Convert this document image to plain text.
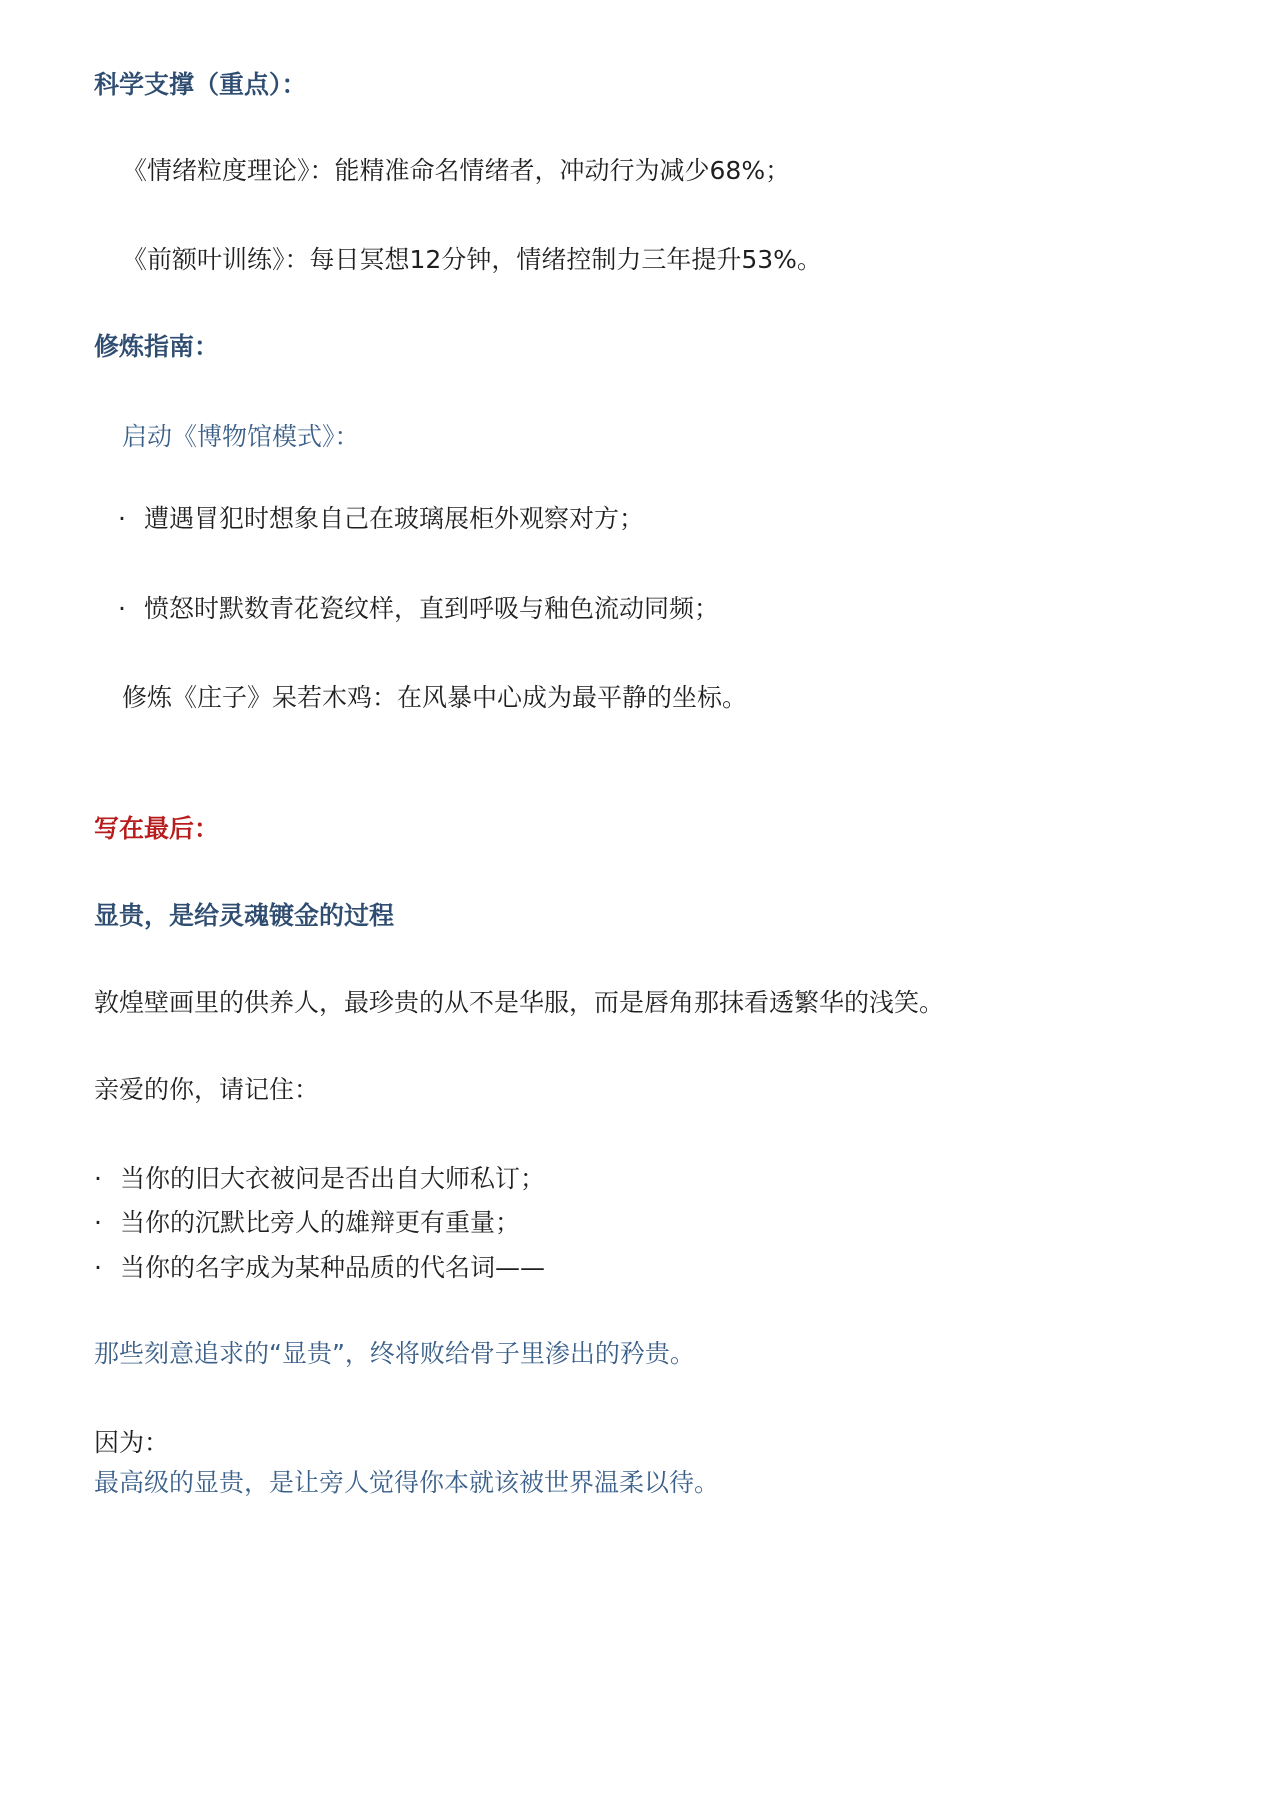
科学支撑（重点）：
《情绪粒度理论》：能精准命名情绪者，冲动行为减少68%；
《前额叶训练》：每日冥想12分钟，情绪控制力三年提升53%。
修炼指南：
启动《博物馆模式》：
· 遭遇冒犯时想象自己在玻璃展柜外观察对方；
· 愤怒时默数青花瓷纹样，直到呼吸与釉色流动同频；
修炼《庄子》呆若木鸡：在风暴中心成为最平静的坐标。
写在最后：
显贵，是给灵魂镀金的过程
敦煌壁画里的供养人，最珍贵的从不是华服，而是唇角那抹看透繁华的浅笑。
亲爱的你，请记住：
· 当你的旧大衣被问是否出自大师私订；
· 当你的沉默比旁人的雄辩更有重量；
· 当你的名字成为某种品质的代名词——
那些刻意追求的“显贵”，终将败给骨子里渗出的矜贵。
因为：
最高级的显贵，是让旁人觉得你本就该被世界温柔以待。
